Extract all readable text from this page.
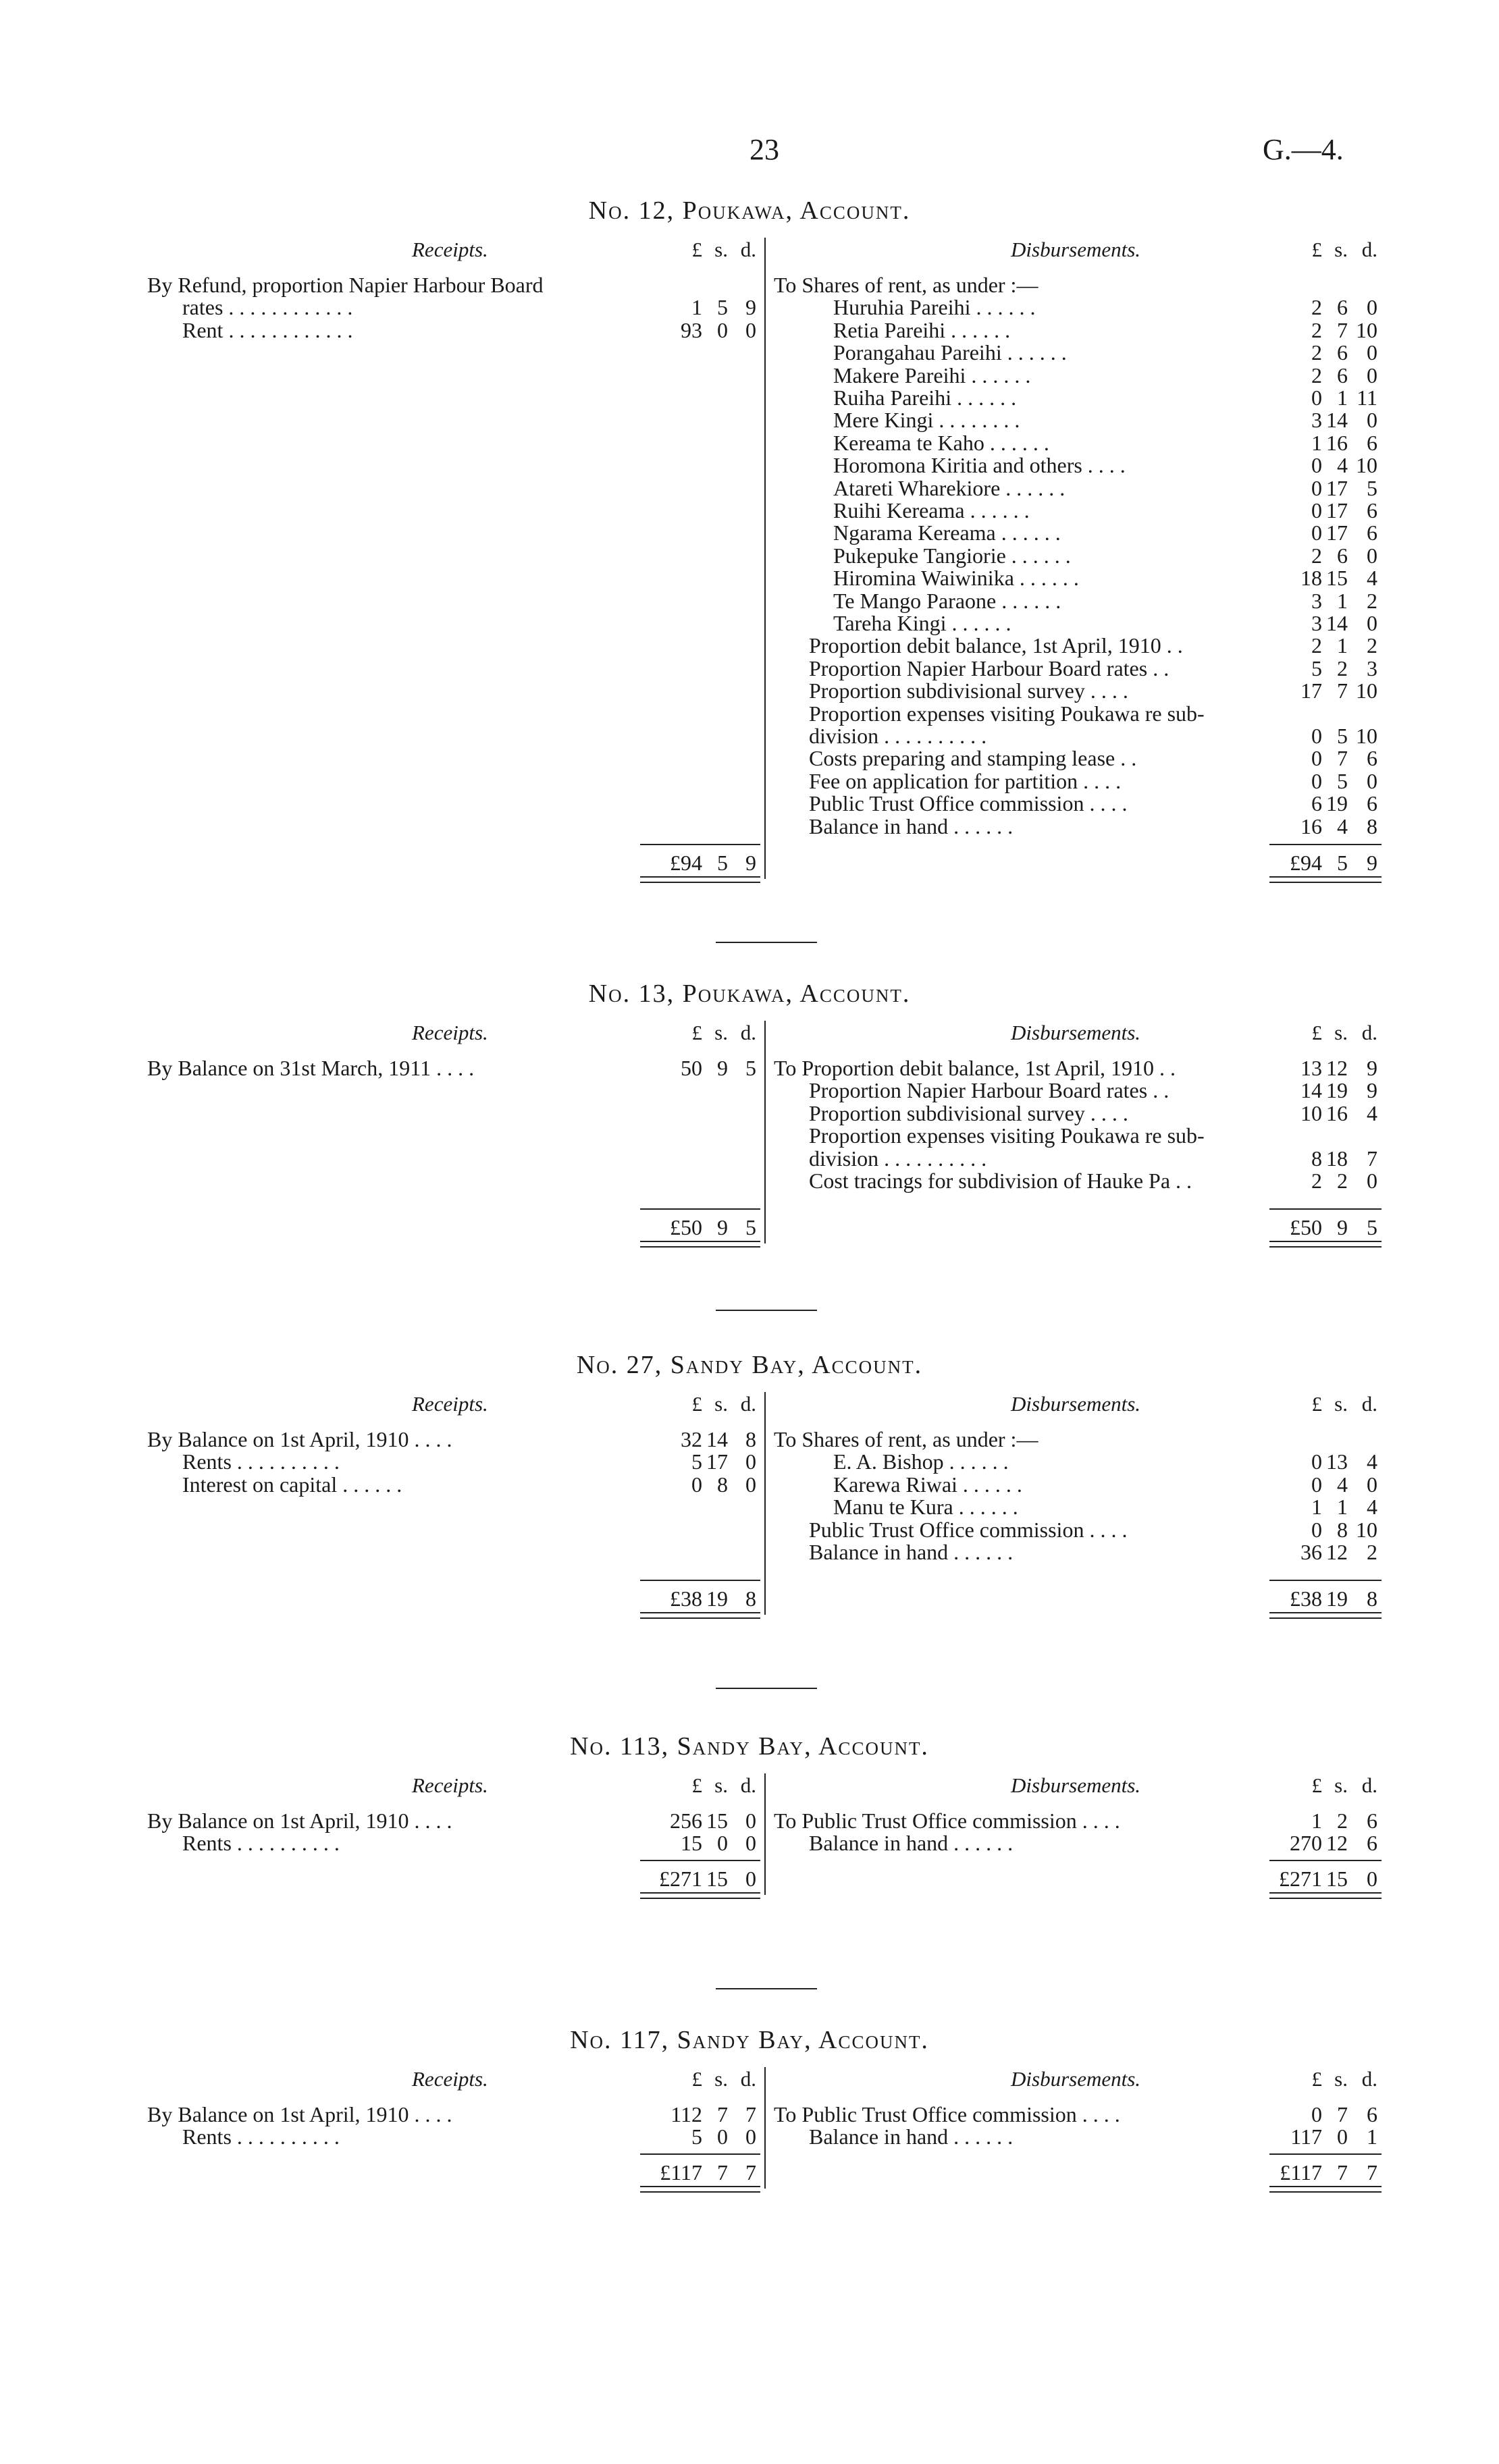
23	G.—4.
No. 12, Poukawa, Account.
Receipts.	Disbursements.
£ s. d.	£ s. d.
By Refund, proportion Napier Harbour Board
rates . . . . . . . . . . . .	1 5 9
Rent . . . . . . . . . . . .	93 0 0
To Shares of rent, as under :—
Huruhia Pareihi . . . . . .	2 6 0
Retia Pareihi . . . . . .	2 7 10
Porangahau Pareihi . . . . . .	2 6 0
Makere Pareihi . . . . . .	2 6 0
Ruiha Pareihi . . . . . .	0 1 11
Mere Kingi . . . . . . . .	3 14 0
Kereama te Kaho . . . . . .	1 16 6
Horomona Kiritia and others . . . .	0 4 10
Atareti Wharekiore . . . . . .	0 17 5
Ruihi Kereama . . . . . .	0 17 6
Ngarama Kereama . . . . . .	0 17 6
Pukepuke Tangiorie . . . . . .	2 6 0
Hiromina Waiwinika . . . . . .	18 15 4
Te Mango Paraone . . . . . .	3 1 2
Tareha Kingi . . . . . .	3 14 0
Proportion debit balance, 1st April, 1910 . .	2 1 2
Proportion Napier Harbour Board rates . .	5 2 3
Proportion subdivisional survey . . . .	17 7 10
Proportion expenses visiting Poukawa re sub-
division . . . . . . . . . .	0 5 10
Costs preparing and stamping lease . .	0 7 6
Fee on application for partition . . . .	0 5 0
Public Trust Office commission . . . .	6 19 6
Balance in hand . . . . . .	16 4 8
£94 5 9	£94 5 9
No. 13, Poukawa, Account.
Receipts.	Disbursements.
£ s. d.	£ s. d.
By Balance on 31st March, 1911 . . . .	50 9 5 To Proportion debit balance, 1st April, 1910 . .	13 12 9
Proportion Napier Harbour Board rates . .	14 19 9
Proportion subdivisional survey . . . .	10 16 4
Proportion expenses visiting Poukawa re sub-
division . . . . . . . . . .	8 18 7
Cost tracings for subdivision of Hauke Pa . .	2 2 0
£50 9 5	£50 9 5
No. 27, Sandy Bay, Account.
Receipts.	Disbursements.
£ s. d.	£ s. d.
By Balance on 1st April, 1910 . . . .	32 14 8
Rents . . . . . . . . . .	5 17 0
Interest on capital . . . . . .	0 8 0
To Shares of rent, as under :—
E. A. Bishop . . . . . .	0 13 4
Karewa Riwai . . . . . .	0 4 0
Manu te Kura . . . . . .	1 1 4
Public Trust Office commission . . . .	0 8 10
Balance in hand . . . . . .	36 12 2
£38 19 8	£38 19 8
No. 113, Sandy Bay, Account.
Receipts.	Disbursements.
£ s. d.	£ s. d.
By Balance on 1st April, 1910 . . . .	256 15 0
Rents . . . . . . . . . .	15 0 0
To Public Trust Office commission . . . .	1 2 6
Balance in hand . . . . . .	270 12 6
£271 15 0	£271 15 0
No. 117, Sandy Bay, Account.
Receipts.	Disbursements.
£ s. d.	£ s. d.
By Balance on 1st April, 1910 . . . .	112 7 7
Rents . . . . . . . . . .	5 0 0
To Public Trust Office commission . . . .	0 7 6
Balance in hand . . . . . .	117 0 1
£117 7 7	£117 7 7
